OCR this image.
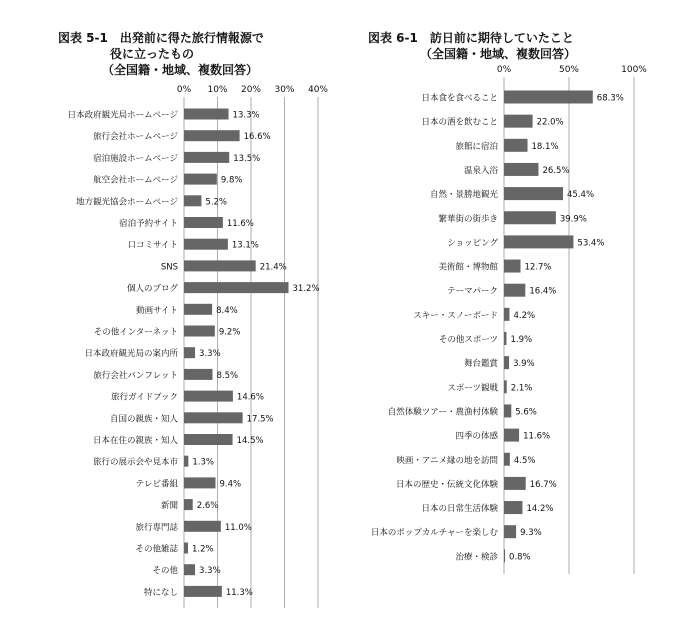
図表 5-1　出発前に得た旅行情報源で
役に立ったもの
（全国籍・地域、複数回答）
図表 6-1　訪日前に期待していたこと
（全国籍・地域、複数回答）
0% 10% 20% 30% 40%
日本政府観光局ホームページ	13.3%
旅行会社ホームページ	16.6%
宿泊施設ホームページ	13.5%
航空会社ホームページ	9.8%
地方観光協会ホームページ	5.2%
宿泊予約サイト	11.6%
口コミサイト	13.1%
SNS	21.4%
個人のブログ	31.2%
動画サイト	8.4%
その他インターネット	9.2%
日本政府観光局の案内所 3.3%
旅行会社パンフレット	8.5%
旅行ガイドブック	14.6%
自国の親族・知人	17.5%
日本在住の親族・知人	14.5%
旅行の展示会や見本市 1.3%
テレビ番組	9.4%
新聞 2.6%
旅行専門誌	11.0%
その他雑誌 1.2%
その他 3.3%
特になし	11.3%
0%	50%	100%
日本食を食べること	68.3%
日本の酒を飲むこと	22.0%
旅館に宿泊	18.1%
温泉入浴	26.5%
自然・景勝地観光	45.4%
繁華街の街歩き	39.9%
ショッピング	53.4%
美術館・博物館	12.7%
テーマパーク	16.4%
スキー・スノーボード 4.2%
その他スポーツ 1.9%
舞台鑑賞 3.9%
スポーツ観戦 2.1%
自然体験ツアー・農漁村体験 5.6%
四季の体感	11.6%
映画・アニメ縁の地を訪問 4.5%
日本の歴史・伝統文化体験	16.7%
日本の日常生活体験	14.2%
日本のポップカルチャーを楽しむ	9.3%
治療・検診 0.8%
